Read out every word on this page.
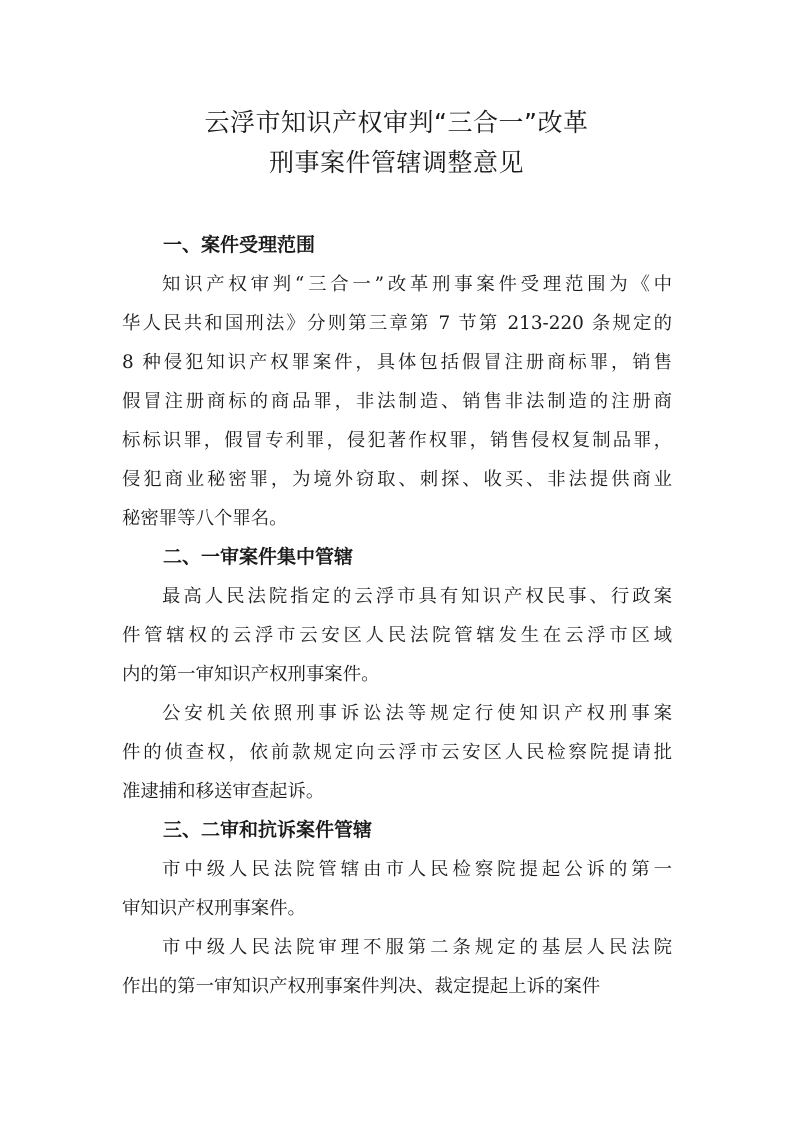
云浮市知识产权审判“三合一”改革
刑事案件管辖调整意见
一、案件受理范围
知识产权审判“三合一”改革刑事案件受理范围为《中
华人民共和国刑法》分则第三章第 7 节第 213-220 条规定的
8 种侵犯知识产权罪案件，具体包括假冒注册商标罪，销售
假冒注册商标的商品罪，非法制造、销售非法制造的注册商
标标识罪，假冒专利罪，侵犯著作权罪，销售侵权复制品罪，
侵犯商业秘密罪，为境外窃取、刺探、收买、非法提供商业
秘密罪等八个罪名。
二、一审案件集中管辖
最高人民法院指定的云浮市具有知识产权民事、行政案
件管辖权的云浮市云安区人民法院管辖发生在云浮市区域
内的第一审知识产权刑事案件。
公安机关依照刑事诉讼法等规定行使知识产权刑事案
件的侦查权，依前款规定向云浮市云安区人民检察院提请批
准逮捕和移送审查起诉。
三、二审和抗诉案件管辖
市中级人民法院管辖由市人民检察院提起公诉的第一
审知识产权刑事案件。
市中级人民法院审理不服第二条规定的基层人民法院
作出的第一审知识产权刑事案件判决、裁定提起上诉的案件
